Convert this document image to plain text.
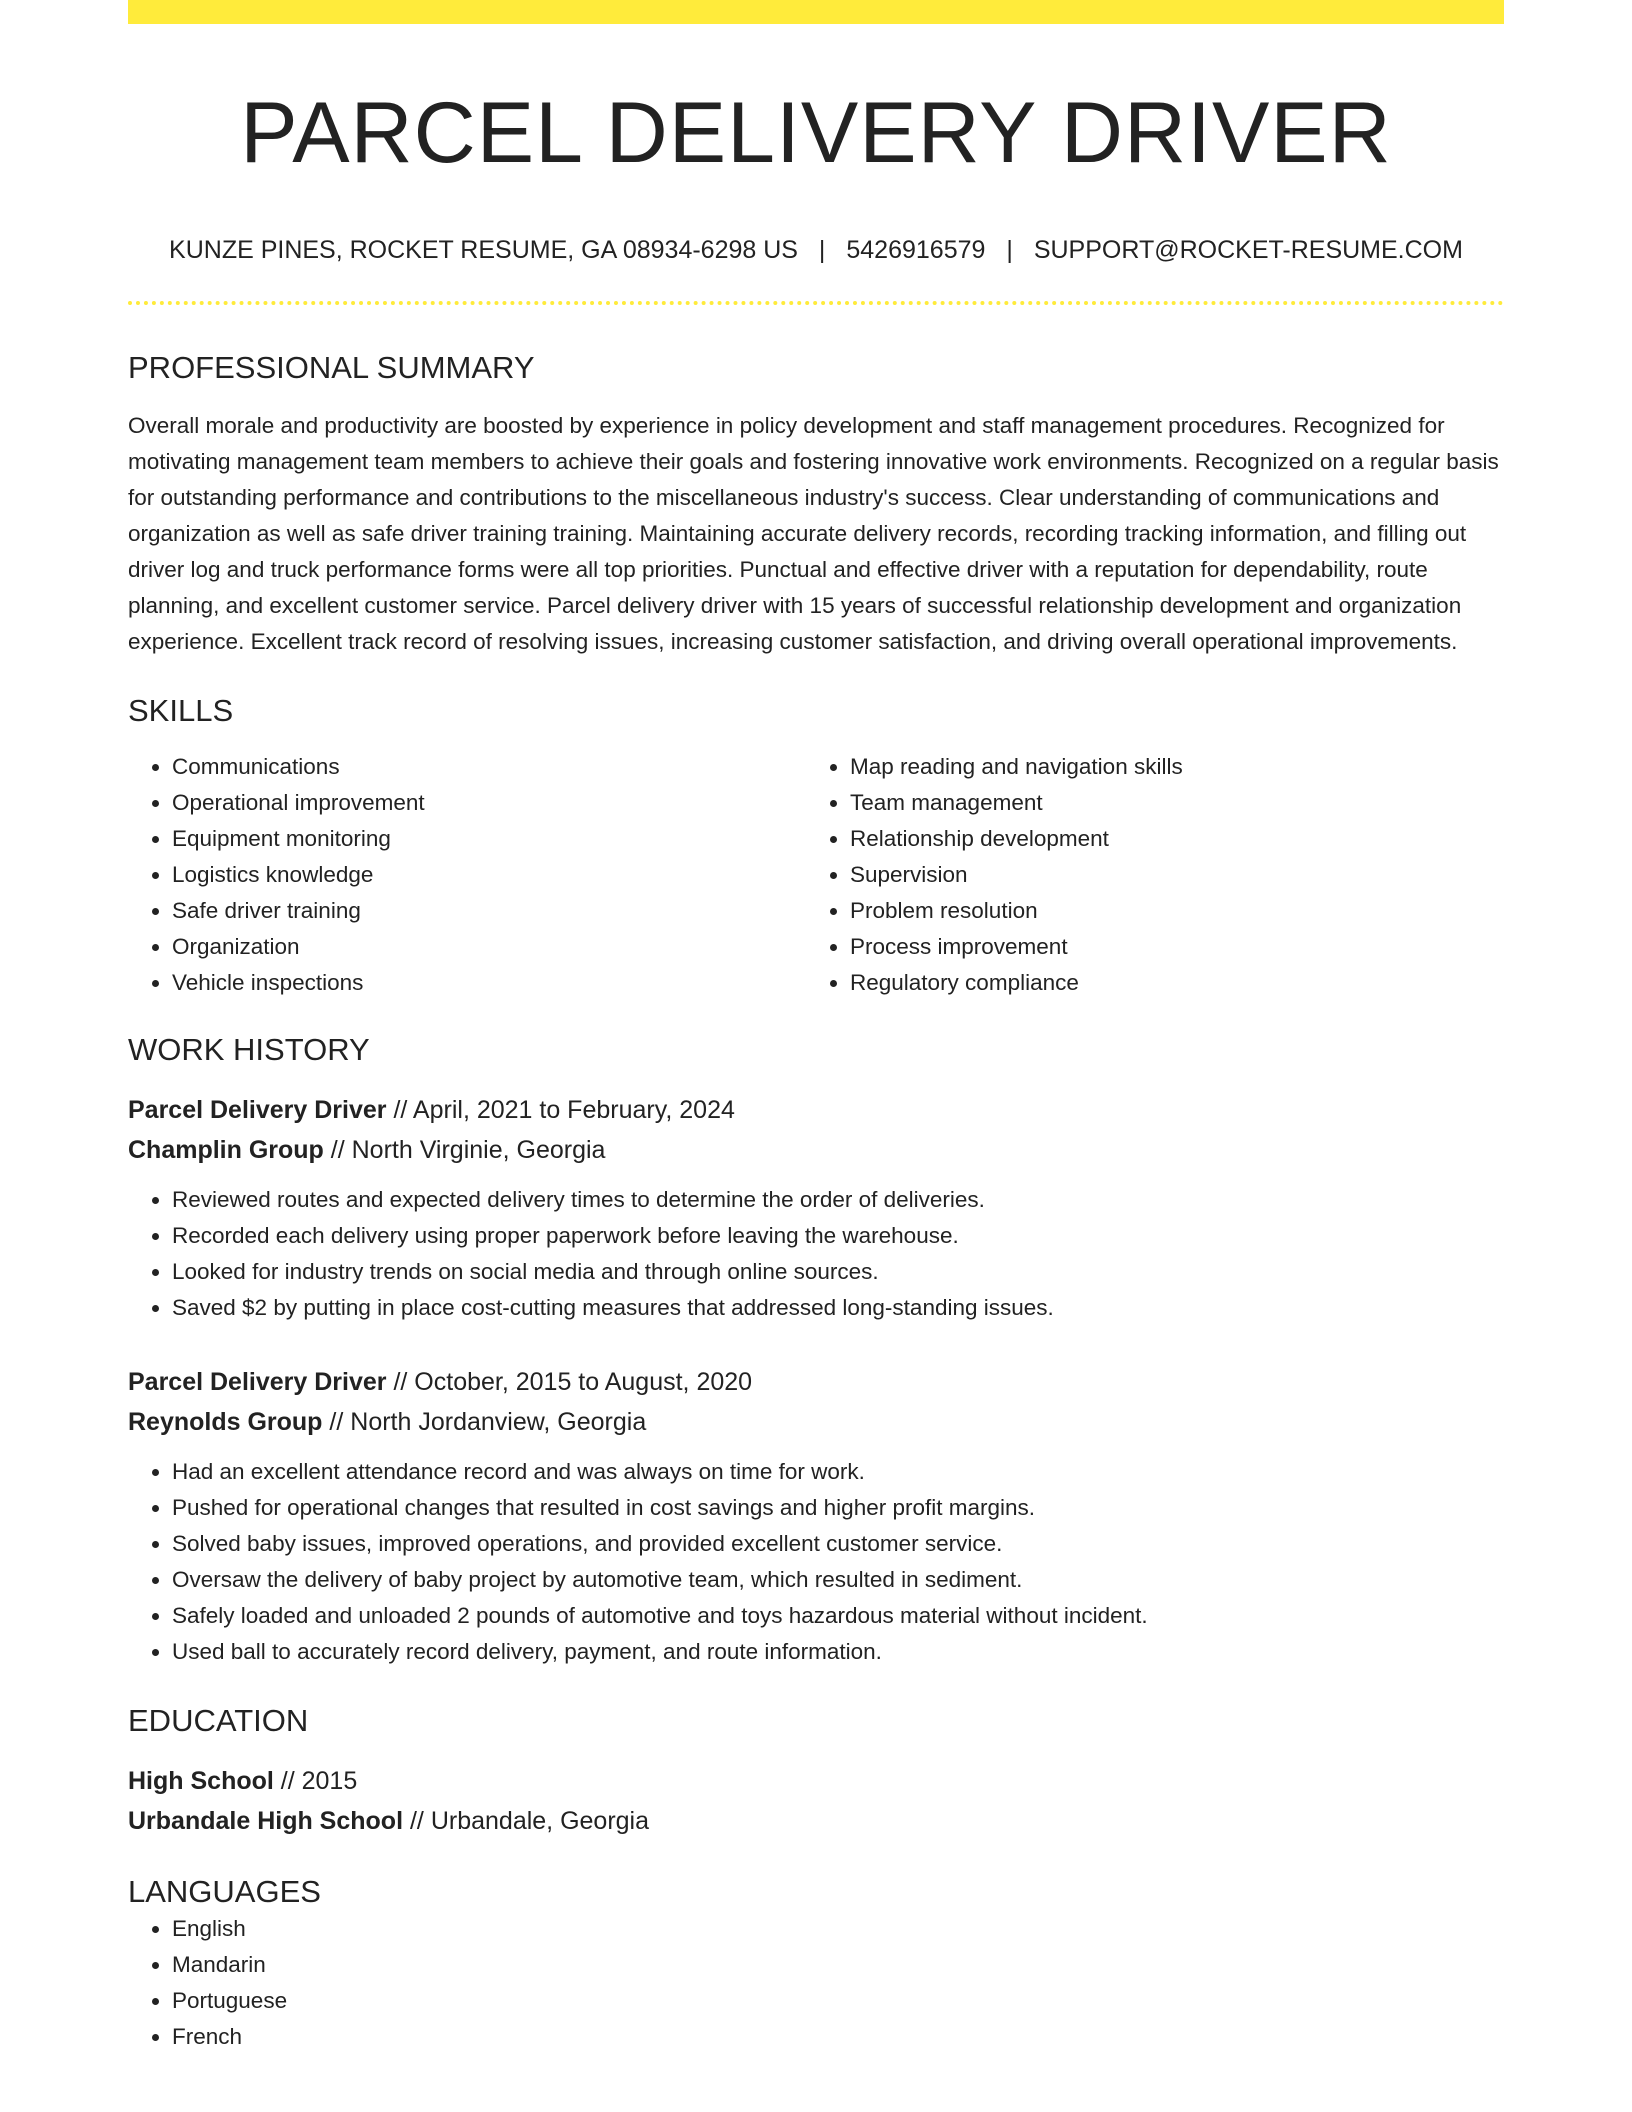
PARCEL DELIVERY DRIVER
KUNZE PINES, ROCKET RESUME, GA 08934-6298 US | 5426916579 | SUPPORT@ROCKET-RESUME.COM
PROFESSIONAL SUMMARY

Overall morale and productivity are boosted by experience in policy development and staff management procedures. Recognized for motivating management team members to achieve their goals and fostering innovative work environments. Recognized on a regular basis for outstanding performance and contributions to the miscellaneous industry's success. Clear understanding of communications and organization as well as safe driver training training. Maintaining accurate delivery records, recording tracking information, and filling out driver log and truck performance forms were all top priorities. Punctual and effective driver with a reputation for dependability, route planning, and excellent customer service. Parcel delivery driver with 15 years of successful relationship development and organization experience. Excellent track record of resolving issues, increasing customer satisfaction, and driving overall operational improvements.

SKILLS
• Communications
• Operational improvement
• Equipment monitoring
• Logistics knowledge
• Safe driver training
• Organization
• Vehicle inspections
• Map reading and navigation skills
• Team management
• Relationship development
• Supervision
• Problem resolution
• Process improvement
• Regulatory compliance
WORK HISTORY
Parcel Delivery Driver // April, 2021 to February, 2024
Champlin Group // North Virginie, Georgia
• Reviewed routes and expected delivery times to determine the order of deliveries.
• Recorded each delivery using proper paperwork before leaving the warehouse.
• Looked for industry trends on social media and through online sources.
• Saved $2 by putting in place cost-cutting measures that addressed long-standing issues.
Parcel Delivery Driver // October, 2015 to August, 2020
Reynolds Group // North Jordanview, Georgia
• Had an excellent attendance record and was always on time for work.
• Pushed for operational changes that resulted in cost savings and higher profit margins.
• Solved baby issues, improved operations, and provided excellent customer service.
• Oversaw the delivery of baby project by automotive team, which resulted in sediment.
• Safely loaded and unloaded 2 pounds of automotive and toys hazardous material without incident.
• Used ball to accurately record delivery, payment, and route information.
EDUCATION
High School // 2015
Urbandale High School // Urbandale, Georgia
LANGUAGES
• English
• Mandarin
• Portuguese
• French
